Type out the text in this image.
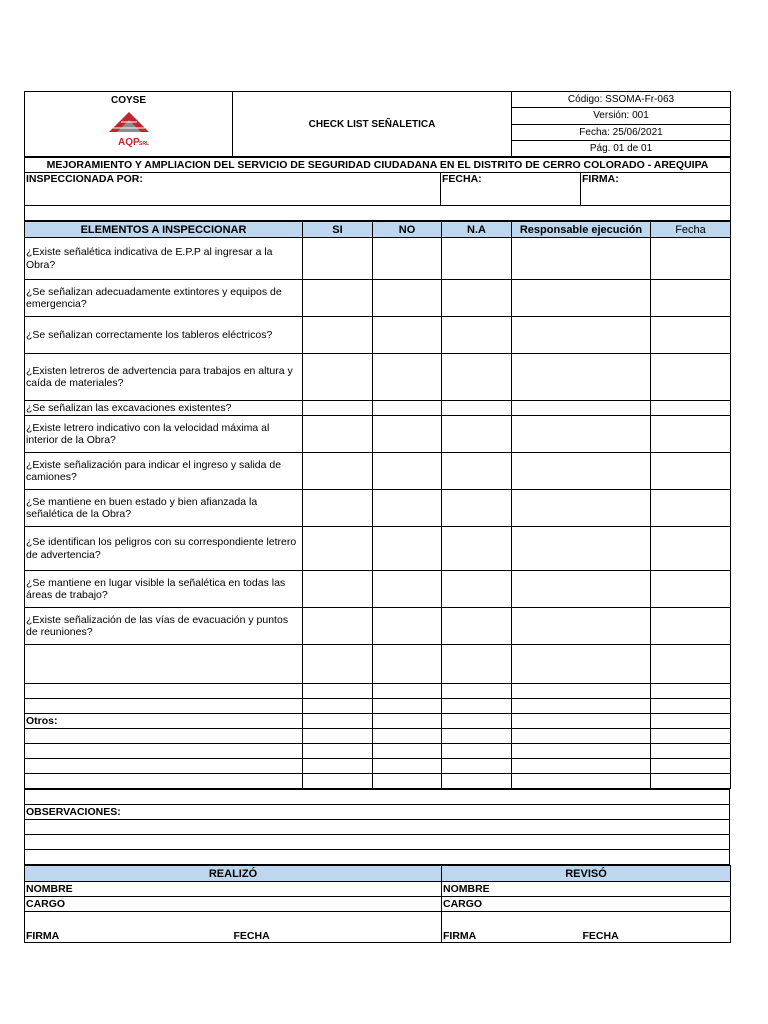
COYSE
AQP SRL
	CHECK LIST SEÑALETICA	Código: SSOMA-Fr-063
Versión: 001
Fecha: 25/06/2021
Pág. 01 de 01
MEJORAMIENTO Y AMPLIACION DEL SERVICIO DE SEGURIDAD CIUDADANA EN EL DISTRITO DE CERRO COLORADO - AREQUIPA
INSPECCIONADA POR:	FECHA:	FIRMA:

ELEMENTOS A INSPECCIONAR	SI	NO	N.A	Responsable ejecución	Fecha
¿Existe señalética indicativa de E.P.P al ingresar a la Obra?					
¿Se señalizan adecuadamente extintores y equipos de emergencia?					
¿Se señalizan correctamente los tableros eléctricos?					
¿Existen letreros de advertencia para trabajos en altura y caída de materiales?					
¿Se señalizan las excavaciones existentes?					
¿Existe letrero indicativo con la velocidad máxima al interior de la Obra?					
¿Existe señalización para indicar el ingreso y salida de camiones?					
¿Se mantiene en buen estado y bien afianzada la señalética de la Obra?					
¿Se identifican los peligros con su correspondiente letrero de advertencia?					
¿Se mantiene en lugar visible la señalética en todas las áreas de trabajo?					
¿Existe señalización de las vías de evacuación y puntos de reuniones?					

Otros:					

OBSERVACIONES:

REALIZÓ		REVISÓ	
NOMBRE		NOMBRE	
CARGO		CARGO	
FIRMA	FECHA	FIRMA	FECHA
